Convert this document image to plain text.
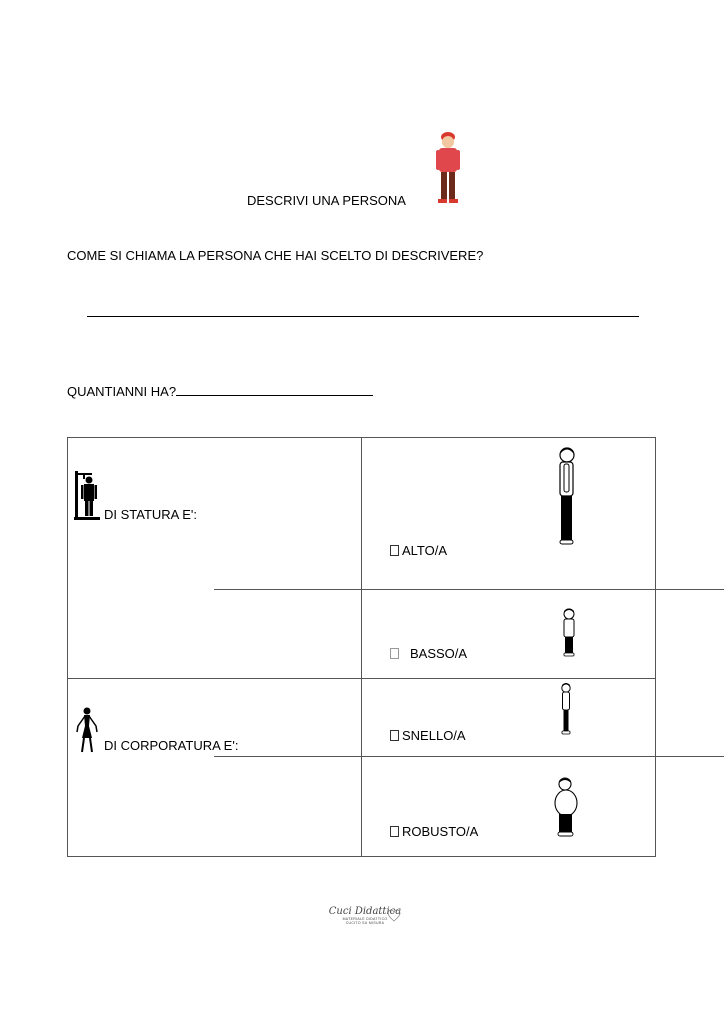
DESCRIVI UNA PERSONA
COME SI CHIAMA LA PERSONA CHE HAI SCELTO DI DESCRIVERE?
QUANTIANNI HA?
DI STATURA E':
ALTO/A
BASSO/A
DI CORPORATURA E':
SNELLO/A
ROBUSTO/A
Cuci Didattica
MATERIALE DIDATTICO
CUCITO SU MISURA
